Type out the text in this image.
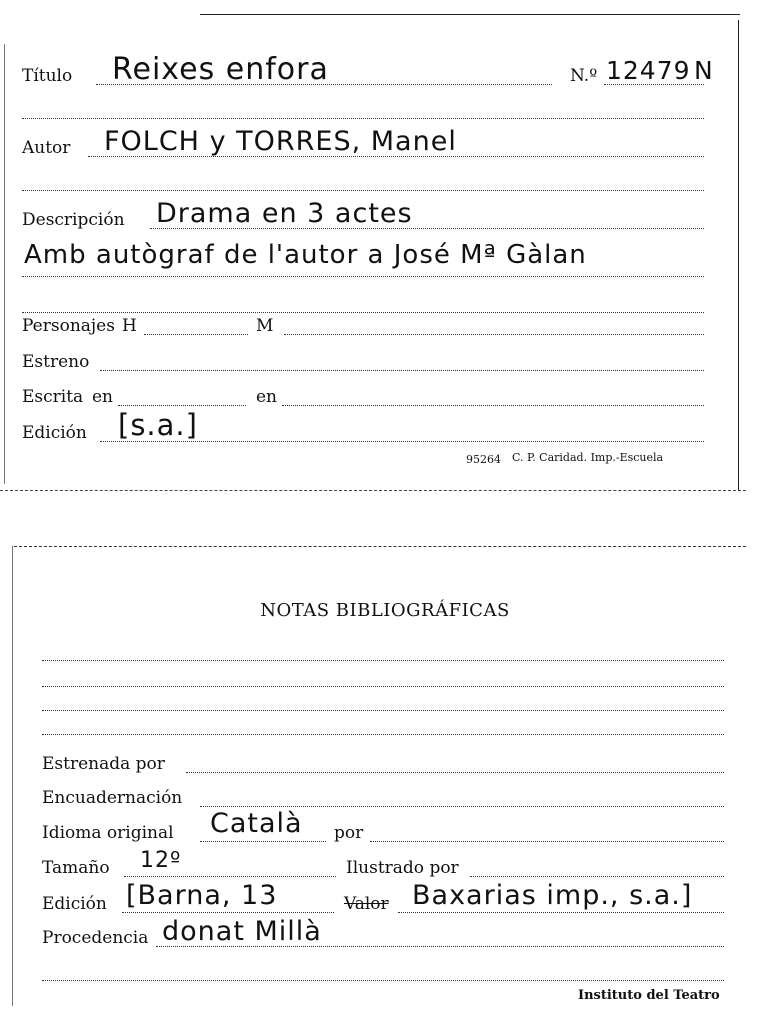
Título Reixes enfora	N.º 12479 N
Autor FOLCH y TORRES, Manel
Descripción Drama en 3 actes
Amb autògraf de l'autor a José Mª Gàlan
Personajes H	M
Estreno
Escrita en	en
Edición [s.a.]
95264 C. P. Caridad. Imp.-Escuela
NOTAS BIBLIOGRÁFICAS
Estrenada por
Encuadernación
Idioma original Català por
Tamaño 12º	Ilustrado por
Edición [Barna, 13	Valor Baxarias imp., s.a.]
Procedencia donat Millà
Instituto del Teatro
